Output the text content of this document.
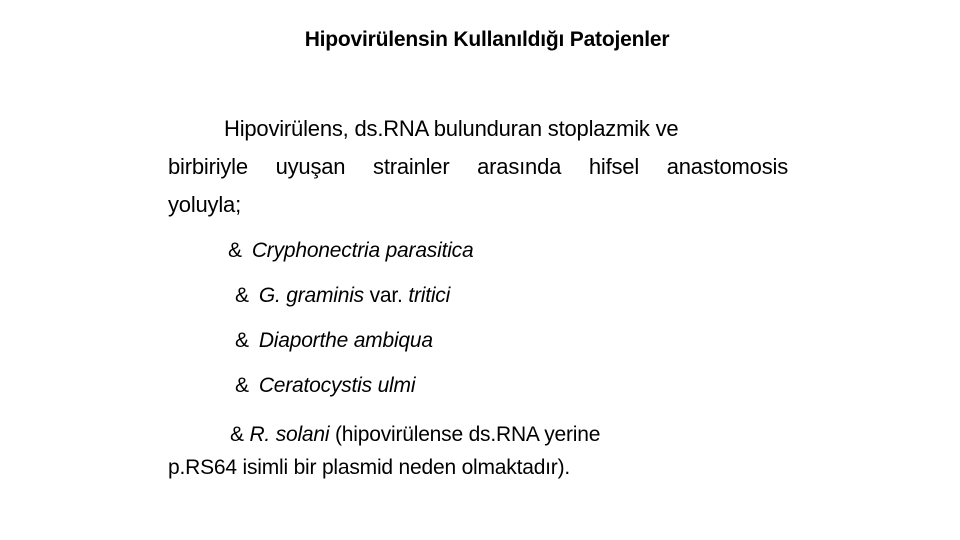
Hipovirülensin Kullanıldığı Patojenler
Hipovirülens, ds.RNA bulunduran stoplazmik ve
birbiriyle uyuşan strainler arasında hifsel anastomosis
yoluyla;
& Cryphonectria parasitica
& G. graminis var. tritici
& Diaporthe ambiqua
& Ceratocystis ulmi
& R. solani (hipovirülense ds.RNA yerine
p.RS64 isimli bir plasmid neden olmaktadır).
